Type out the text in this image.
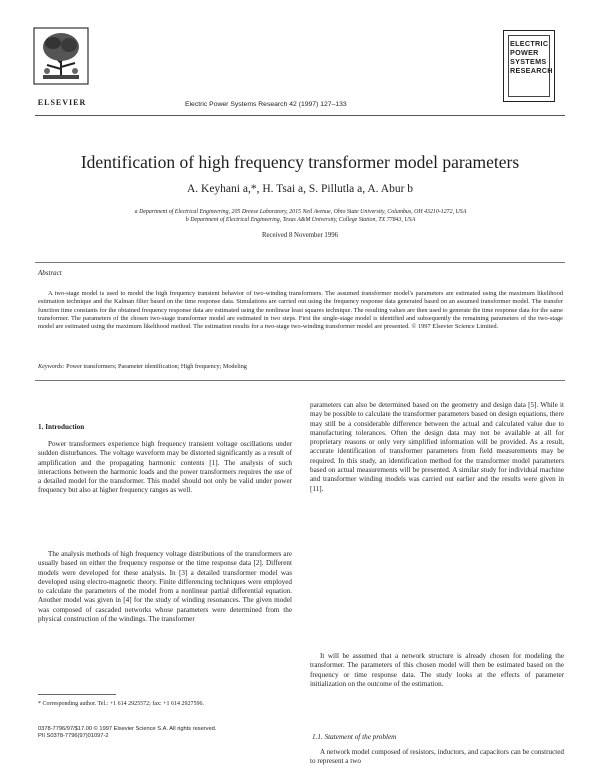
ELSEVIER	Electric Power Systems Research 42 (1997) 127–133
ELECTRIC
POWER
SYSTEMS
RESEARCH
Identification of high frequency transformer model parameters
A. Keyhani a,*, H. Tsai a, S. Pillutla a, A. Abur b
a Department of Electrical Engineering, 205 Dreese Laboratory, 2015 Neil Avenue, Ohio State University, Columbus, OH 43210-1272, USA
b Department of Electrical Engineering, Texas A&M University, College Station, TX 77843, USA
Received 8 November 1996
Abstract
A two-stage model is used to model the high frequency transient behavior of two-winding transformers. The assumed transformer model's parameters are estimated using the maximum likelihood estimation technique and the Kalman filter based on the time response data. Simulations are carried out using the frequency response data generated based on an assumed transformer model. The transfer function time constants for the obtained frequency response data are estimated using the nonlinear least squares technique. The resulting values are then used to generate the time response data for the same transformer. The parameters of the chosen two-stage transformer model are estimated in two steps. First the single-stage model is identified and subsequently the remaining parameters of the two-stage model are estimated using the maximum likelihood method. The estimation results for a two-stage two-winding transformer model are presented. © 1997 Elsevier Science Limited.
Keywords: Power transformers; Parameter identification; High frequency; Modeling
1. Introduction
Power transformers experience high frequency transient voltage oscillations under sudden disturbances. The voltage waveform may be distorted significantly as a result of amplification and the propagating harmonic contents [1]. The analysis of such interactions between the harmonic loads and the power transformers requires the use of a detailed model for the transformer. This model should not only be valid under power frequency but also at higher frequency ranges as well.
The analysis methods of high frequency voltage distributions of the transformers are usually based on either the frequency response or the time response data [2]. Different models were developed for these analysis. In [3] a detailed transformer model was developed using electro-magnetic theory. Finite differencing techniques were employed to calculate the parameters of the model from a nonlinear partial differential equation. Another model was given in [4] for the study of winding resonances. The given model was composed of cascaded networks whose parameters were determined from the physical construction of the windings. The transformer
* Corresponding author. Tel.: +1 614 2925572; fax: +1 614 2927596.
0378-7796/97/$17.00 © 1997 Elsevier Science S.A. All rights reserved.
PII S0378-7796(97)01097-2
parameters can also be determined based on the geometry and design data [5]. While it may be possible to calculate the transformer parameters based on design equations, there may still be a considerable difference between the actual and calculated value due to manufacturing tolerances. Often the design data may not be available at all for proprietary reasons or only very simplified information will be provided. As a result, accurate identification of transformer parameters from field measurements may be required. In this study, an identification method for the transformer model parameters based on actual measurements will be presented. A similar study for individual machine and transformer winding models was carried out earlier and the results were given in [11].
It will be assumed that a network structure is already chosen for modeling the transformer. The parameters of this chosen model will then be estimated based on the frequency or time response data. The study looks at the effects of parameter initialization on the outcome of the estimation.
1.1. Statement of the problem
A network model composed of resistors, inductors, and capacitors can be constructed to represent a two
